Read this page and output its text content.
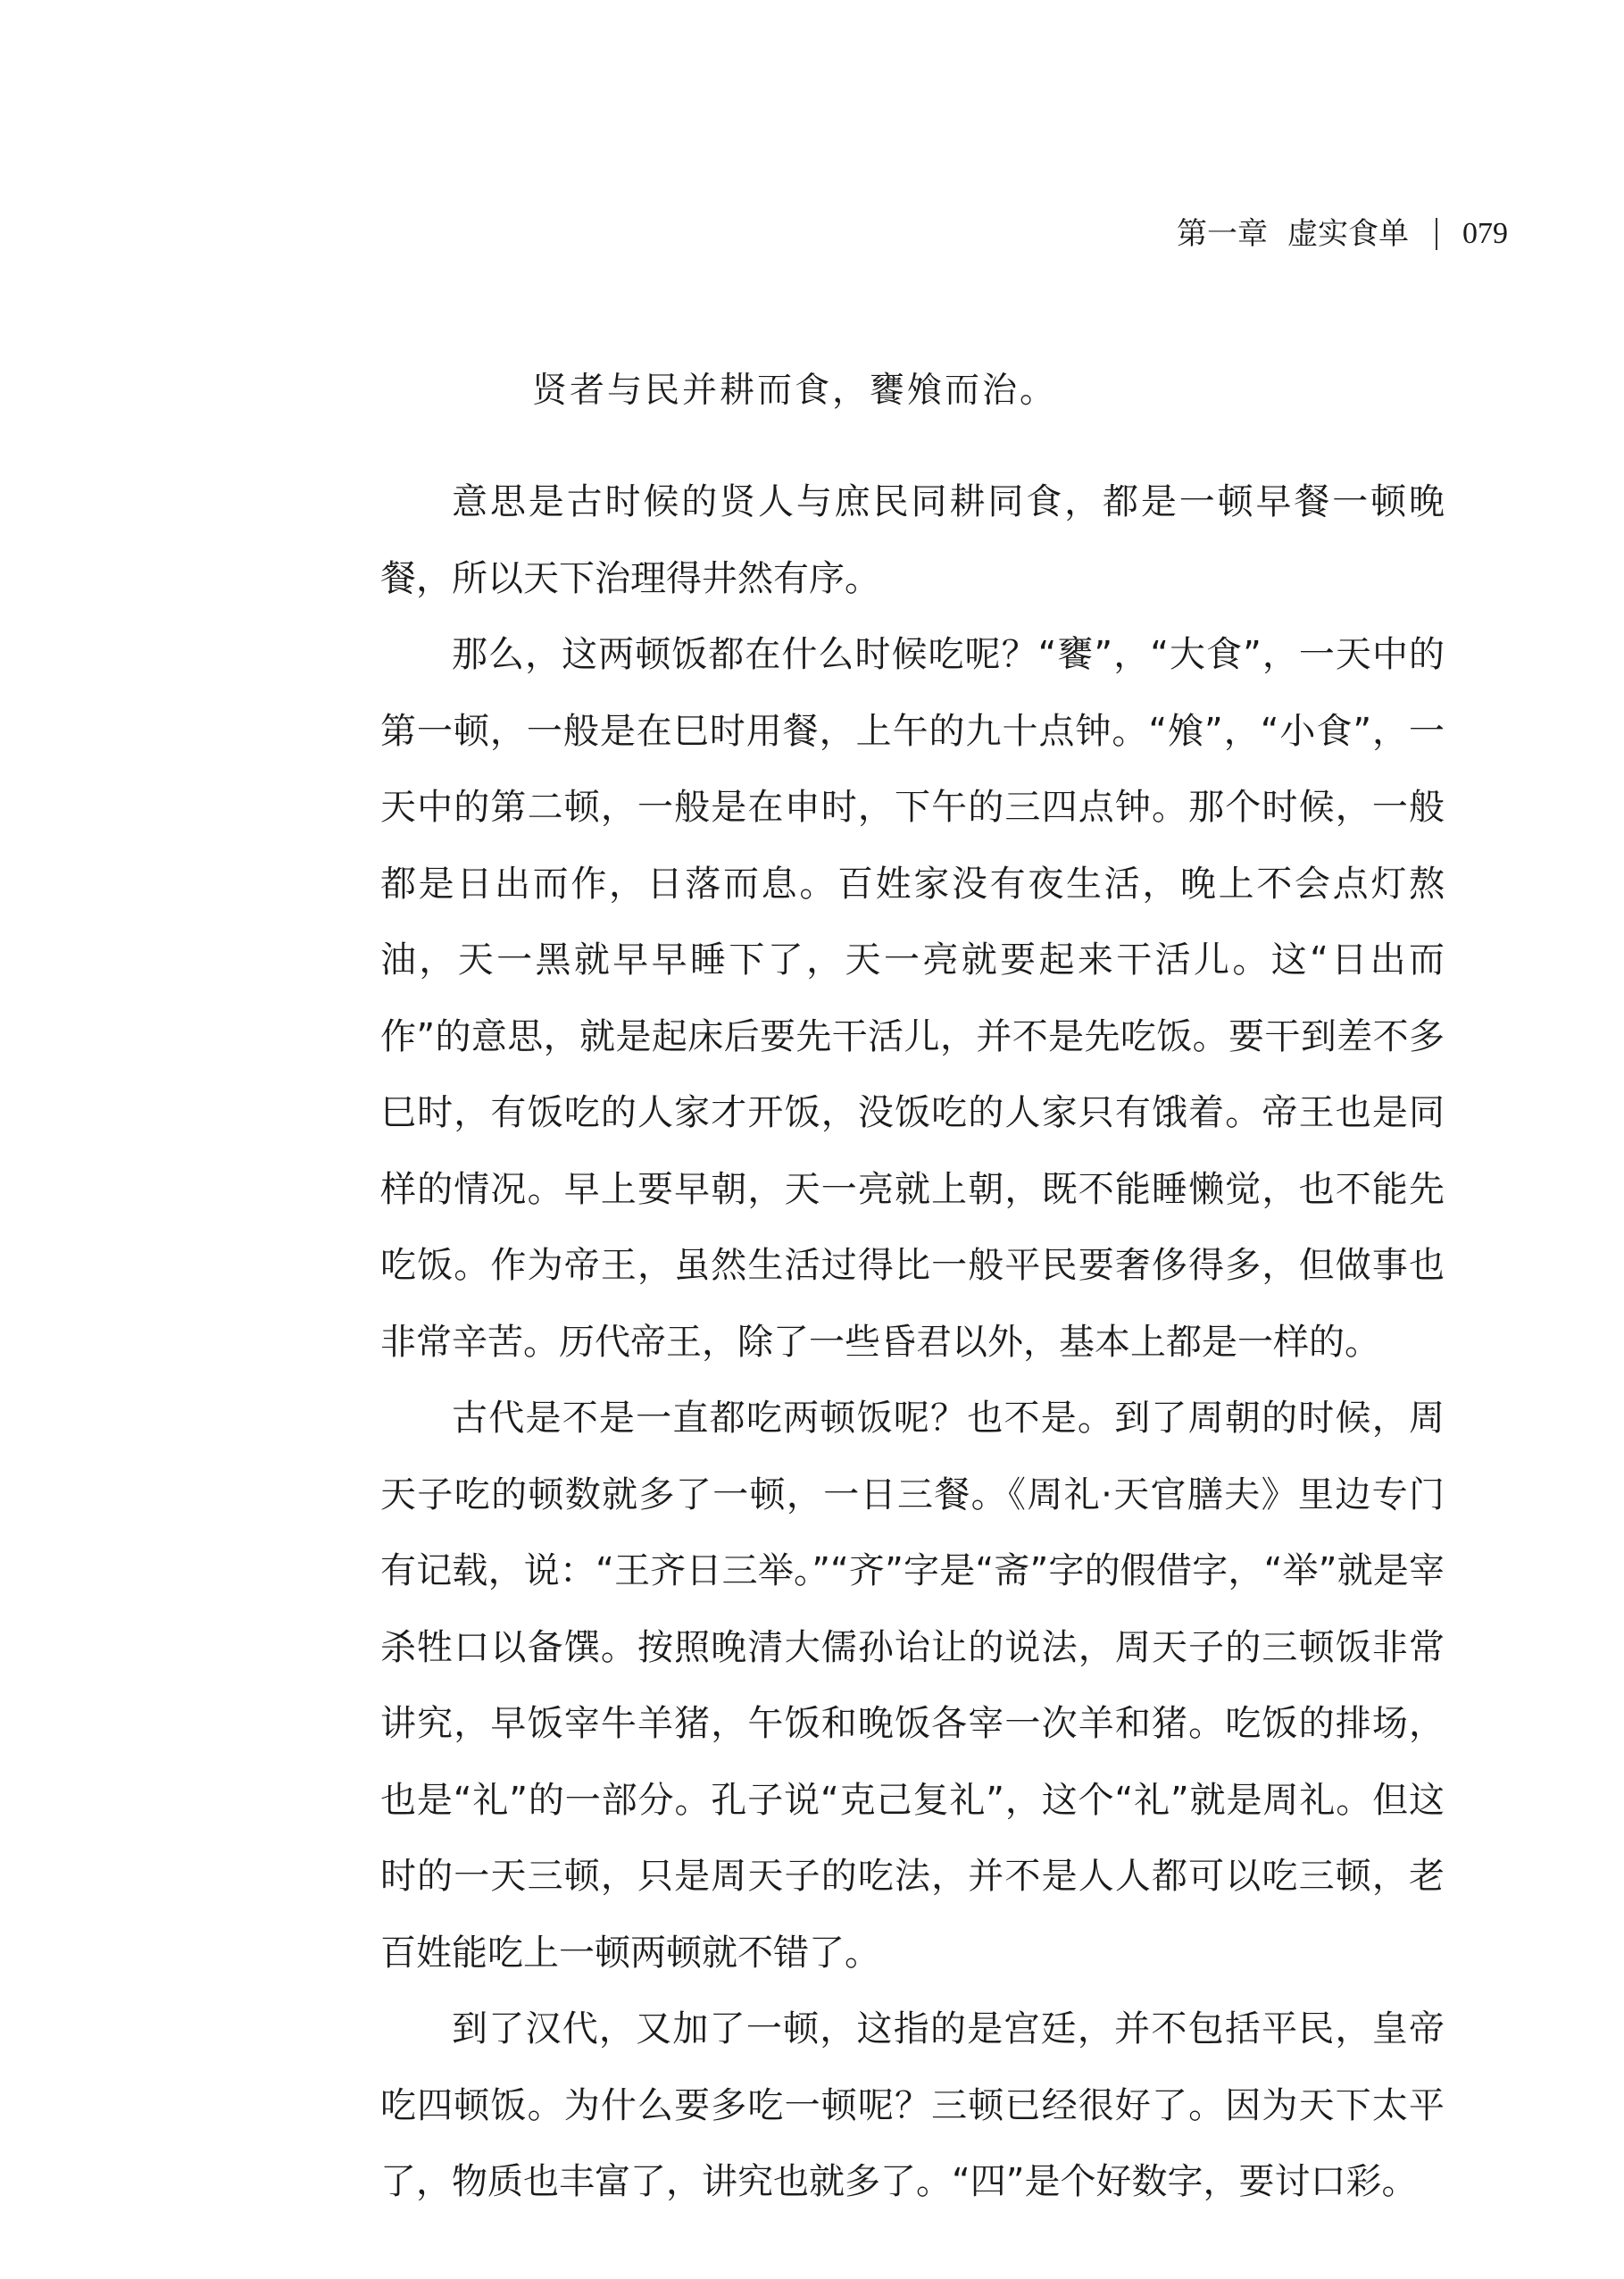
第一章 虚实食单 079
贤者与民并耕而食，饔飧而治。

意思是古时候的贤人与庶民同耕同食，都是一顿早餐一顿晚餐，所以天下治理得井然有序。

那么，这两顿饭都在什么时候吃呢？“饔”，“大食”，一天中的第一顿，一般是在巳时用餐，上午的九十点钟。“飧”，“小食”，一天中的第二顿，一般是在申时，下午的三四点钟。那个时候，一般都是日出而作，日落而息。百姓家没有夜生活，晚上不会点灯熬油，天一黑就早早睡下了，天一亮就要起来干活儿。这“日出而作”的意思，就是起床后要先干活儿，并不是先吃饭。要干到差不多巳时，有饭吃的人家才开饭，没饭吃的人家只有饿着。帝王也是同样的情况。早上要早朝，天一亮就上朝，既不能睡懒觉，也不能先吃饭。作为帝王，虽然生活过得比一般平民要奢侈得多，但做事也非常辛苦。历代帝王，除了一些昏君以外，基本上都是一样的。

古代是不是一直都吃两顿饭呢？也不是。到了周朝的时候，周天子吃的顿数就多了一顿，一日三餐。《周礼·天官膳夫》里边专门有记载，说：“王齐日三举。”“齐”字是“斋”字的假借字，“举”就是宰杀牲口以备馔。按照晚清大儒孙诒让的说法，周天子的三顿饭非常讲究，早饭宰牛羊猪，午饭和晚饭各宰一次羊和猪。吃饭的排场，也是“礼”的一部分。孔子说“克己复礼”，这个“礼”就是周礼。但这时的一天三顿，只是周天子的吃法，并不是人人都可以吃三顿，老百姓能吃上一顿两顿就不错了。

到了汉代，又加了一顿，这指的是宫廷，并不包括平民，皇帝吃四顿饭。为什么要多吃一顿呢？三顿已经很好了。因为天下太平了，物质也丰富了，讲究也就多了。“四”是个好数字，要讨口彩。
